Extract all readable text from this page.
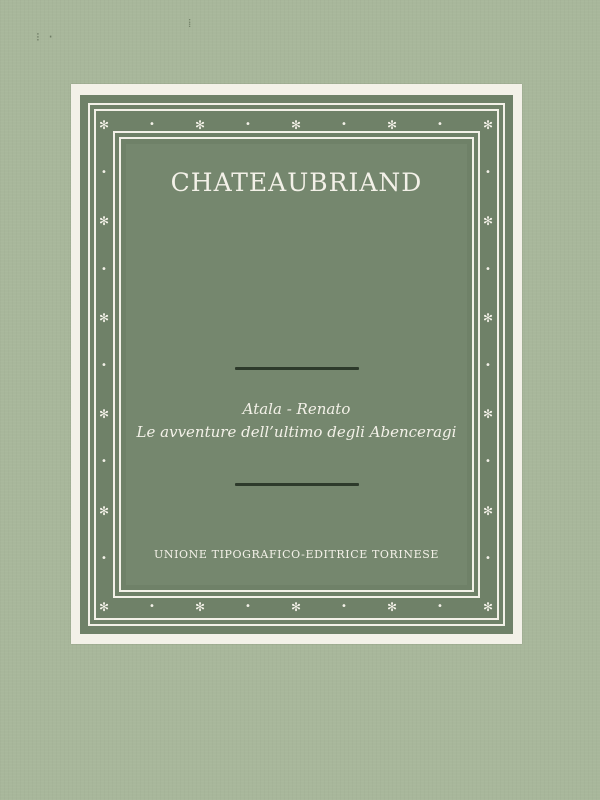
⁝ ·
⁞
✻
✻
•
•
✻
✻
•
•
✻
✻
•
•
✻
✻
•
•
✻
✻
•	•
✻	✻
•	•
✻	✻
•	•
✻	✻
•	•
✻	✻
•	•
CHATEAUBRIAND
Atala - Renato
Le avventure dell’ultimo degli Abenceragi
UNIONE TIPOGRAFICO-EDITRICE TORINESE
